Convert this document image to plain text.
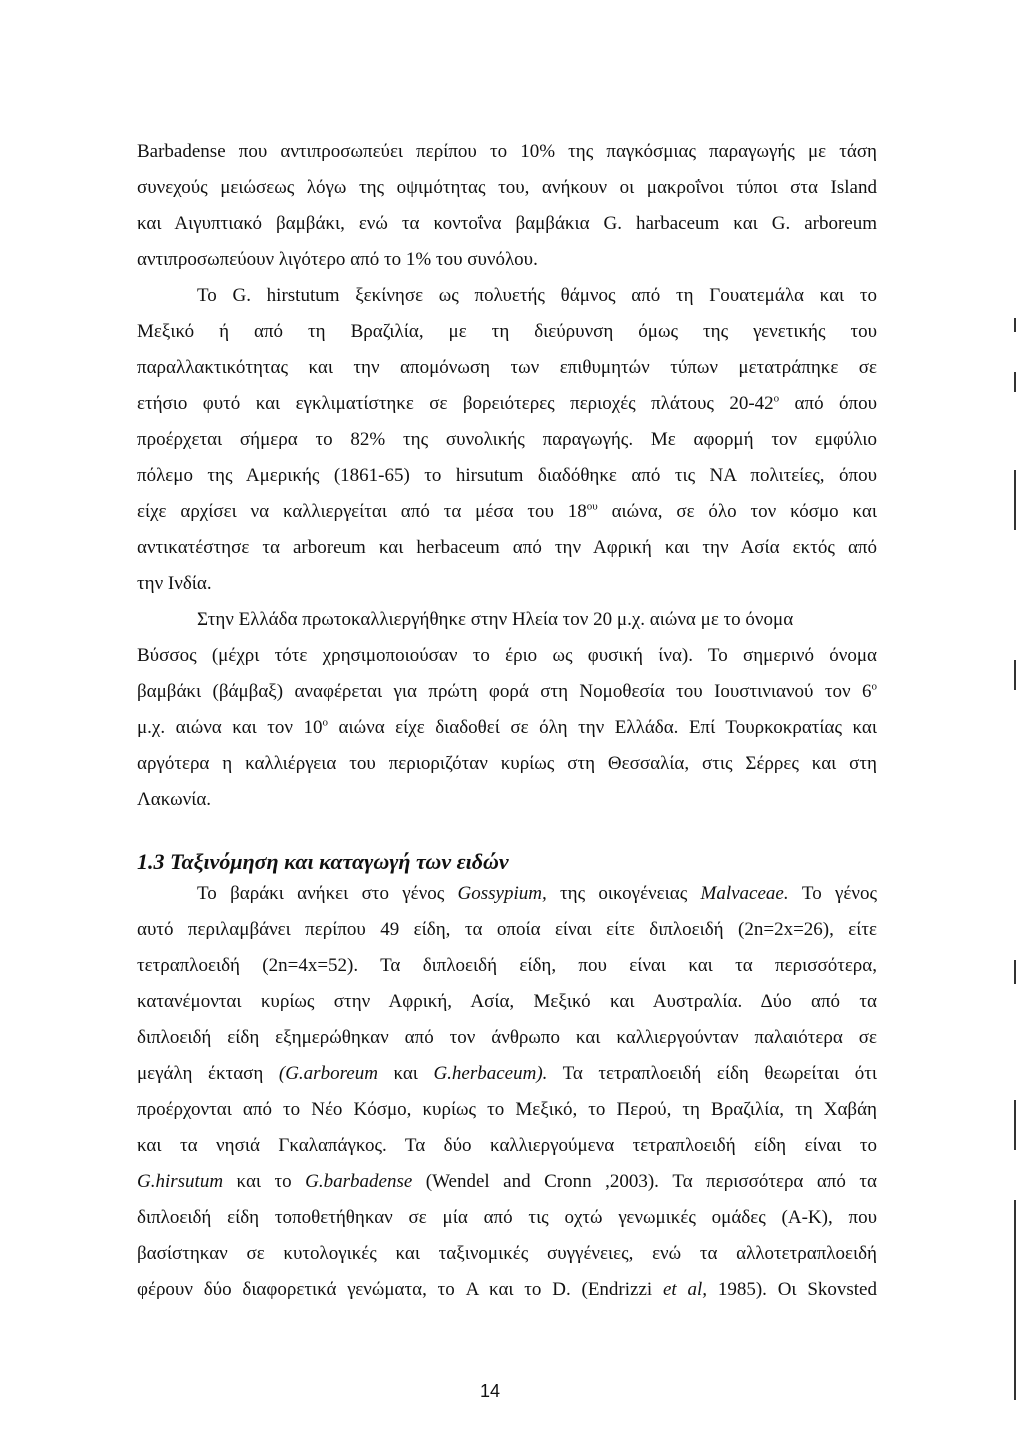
Barbadense που αντιπροσωπεύει περίπου το 10% της παγκόσμιας παραγωγής με τάση
συνεχούς μειώσεως λόγω της οψιμότητας του, ανήκουν οι μακροΐνοι τύποι στα Island
και Αιγυπτιακό βαμβάκι, ενώ τα κοντοΐνα βαμβάκια G. harbaceum και G. arboreum
αντιπροσωπεύουν λιγότερο από το 1% του συνόλου.
Το G. hirstutum ξεκίνησε ως πολυετής θάμνος από τη Γουατεμάλα και το
Μεξικό ή από τη Βραζιλία, με τη διεύρυνση όμως της γενετικής του
παραλλακτικότητας και την απομόνωση των επιθυμητών τύπων μετατράπηκε σε
ετήσιο φυτό και εγκλιματίστηκε σε βορειότερες περιοχές πλάτους $20-42^o$ από όπου
προέρχεται σήμερα το 82% της συνολικής παραγωγής. Με αφορμή τον εμφύλιο
πόλεμο της Αμερικής (1861-65) το hirsutum διαδόθηκε από τις ΝΑ πολιτείες, όπου
είχε αρχίσει να καλλιεργείται από τα μέσα του $18^{o\upsilon}$ αιώνα, σε όλο τον κόσμο και
αντικατέστησε τα arboreum και herbaceum από την Αφρική και την Ασία εκτός από
την Ινδία.
Στην Ελλάδα πρωτοκαλλιεργήθηκε στην Ηλεία τον 20 μ.χ. αιώνα με το όνομα
Βύσσος (μέχρι τότε χρησιμοποιούσαν το έριο ως φυσική ίνα). Το σημερινό όνομα
βαμβάκι (βάμβαξ) αναφέρεται για πρώτη φορά στη Νομοθεσία του Ιουστινιανού τον $6^o$
μ.χ. αιώνα και τον $10^o$ αιώνα είχε διαδοθεί σε όλη την Ελλάδα. Επί Τουρκοκρατίας και
αργότερα η καλλιέργεια του περιοριζόταν κυρίως στη Θεσσαλία, στις Σέρρες και στη
Λακωνία.
1.3 Ταξινόμηση και καταγωγή των ειδών
Το βαράκι ανήκει στο γένος Gossypium, της οικογένειας Malvaceae. Το γένος
αυτό περιλαμβάνει περίπου 49 είδη, τα οποία είναι είτε διπλοειδή (2n=2x=26), είτε
τετραπλοειδή (2n=4x=52). Τα διπλοειδή είδη, που είναι και τα περισσότερα,
κατανέμονται κυρίως στην Αφρική, Ασία, Μεξικό και Αυστραλία. Δύο από τα
διπλοειδή είδη εξημερώθηκαν από τον άνθρωπο και καλλιεργούνταν παλαιότερα σε
μεγάλη έκταση (G.arboreum και G.herbaceum). Τα τετραπλοειδή είδη θεωρείται ότι
προέρχονται από το Νέο Κόσμο, κυρίως το Μεξικό, το Περού, τη Βραζιλία, τη Χαβάη
και τα νησιά Γκαλαπάγκος. Τα δύο καλλιεργούμενα τετραπλοειδή είδη είναι το
G.hirsutum και το G.barbadense (Wendel and Cronn ,2003). Τα περισσότερα από τα
διπλοειδή είδη τοποθετήθηκαν σε μία από τις οχτώ γενωμικές ομάδες (A-K), που
βασίστηκαν σε κυτολογικές και ταξινομικές συγγένειες, ενώ τα αλλοτετραπλοειδή
φέρουν δύο διαφορετικά γενώματα, το A και το D. (Endrizzi et al, 1985). Οι Skovsted
14
